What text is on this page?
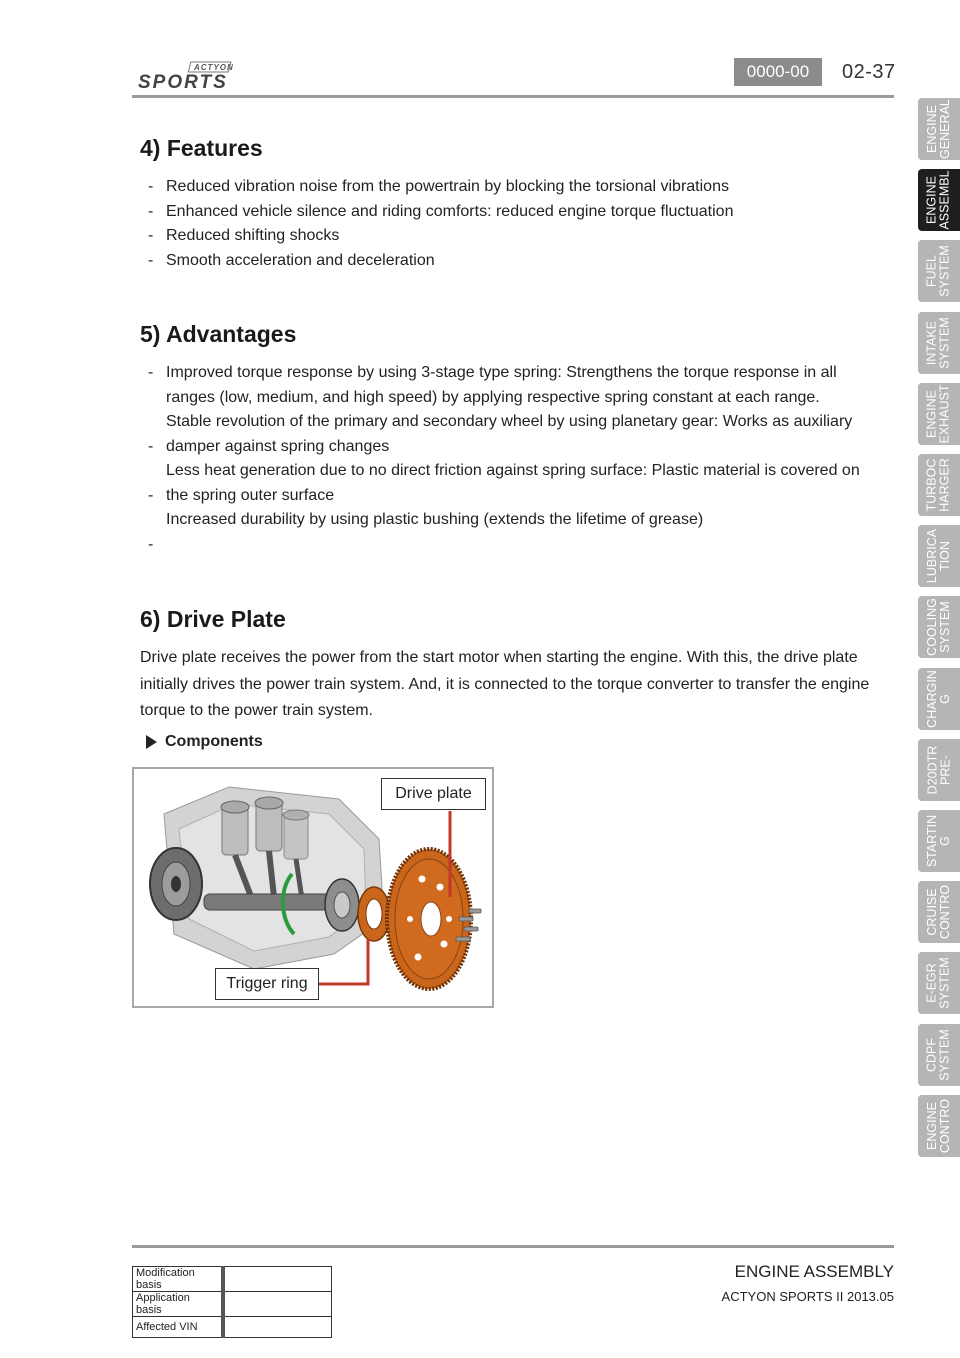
ACTYON
SPORTS
0000-00	02-37
ENGINE
GENERAL
ENGINE
ASSEMBL
FUEL
SYSTEM
INTAKE
SYSTEM
ENGINE
EXHAUST
TURBOC
HARGER
LUBRICA
TION
COOLING
SYSTEM
CHARGIN
G
D20DTR
PRE-
STARTIN
G
CRUISE
CONTRO
E-EGR
SYSTEM
CDPF
SYSTEM
ENGINE
CONTRO
4) Features
- Reduced vibration noise from the powertrain by blocking the torsional vibrations
- Enhanced vehicle silence and riding comforts: reduced engine torque fluctuation
- Reduced shifting shocks
- Smooth acceleration and deceleration
5) Advantages
- Improved torque response by using 3-stage type spring: Strengthens the torque response in all
ranges (low, medium, and high speed) by applying respective spring constant at each range.
Stable revolution of the primary and secondary wheel by using planetary gear: Works as auxiliary
- damper against spring changes
Less heat generation due to no direct friction against spring surface: Plastic material is covered on
- the spring outer surface
Increased durability by using plastic bushing (extends the lifetime of grease)
-
6) Drive Plate
Drive plate receives the power from the start motor when starting the engine. With this, the drive plate initially drives the power train system. And, it is connected to the torque converter to transfer the engine torque to the power train system.
Components
Drive plate
Trigger ring
Modification basis	
Application basis	
Affected VIN	
ENGINE ASSEMBLY
ACTYON SPORTS II 2013.05
